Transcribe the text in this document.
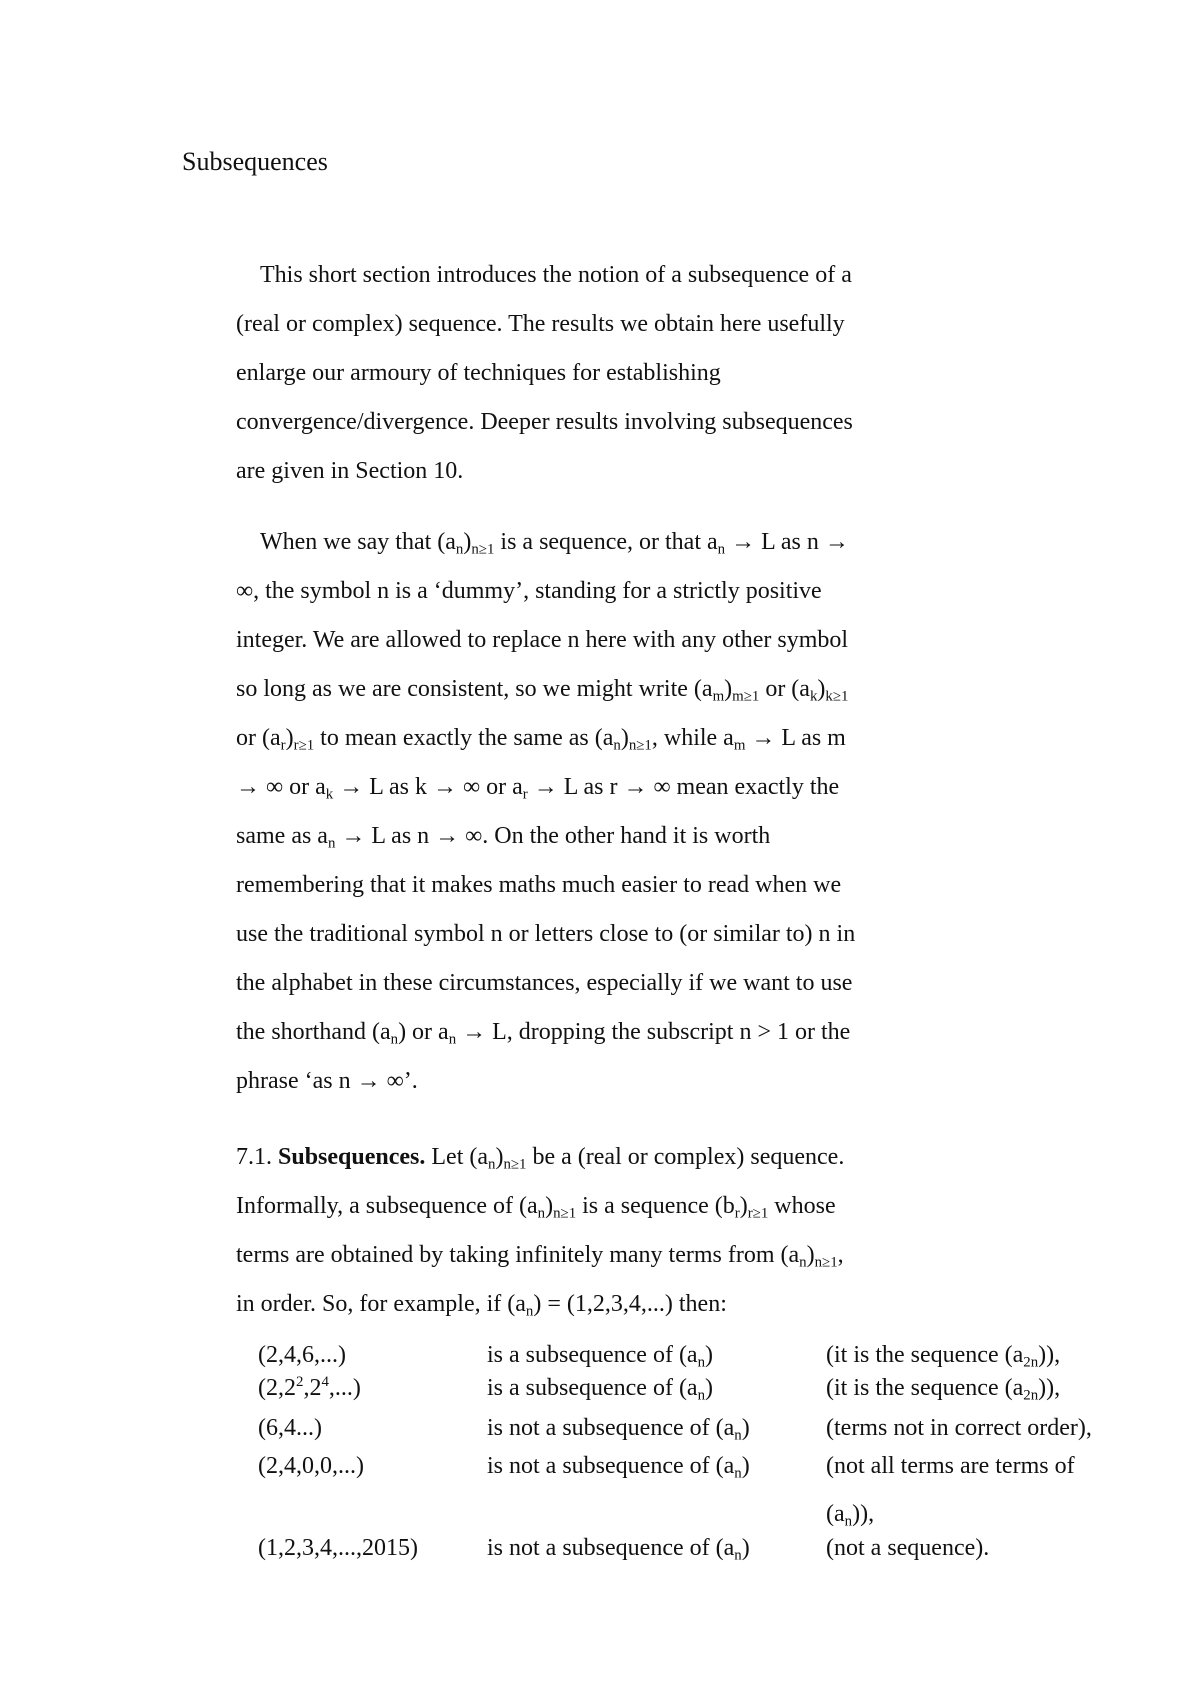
Subsequences
This short section introduces the notion of a subsequence of a
(real or complex) sequence. The results we obtain here usefully
enlarge our armoury of techniques for establishing
convergence/divergence. Deeper results involving subsequences
are given in Section 10.
When we say that $(a_n)_{n\ge 1}$ is a sequence, or that $a_n \to L$ as n →
∞, the symbol n is a ‘dummy’, standing for a strictly positive
integer. We are allowed to replace n here with any other symbol
so long as we are consistent, so we might write $(a_m)_{m\ge 1}$ or $(a_k)_{k\ge 1}$
or $(a_r)_{r\ge 1}$ to mean exactly the same as $(a_n)_{n\ge 1}$, while $a_m \to L$ as m
→ ∞ or $a_k \to L$ as k → ∞ or $a_r \to L$ as r → ∞ mean exactly the
same as $a_n \to L$ as n → ∞. On the other hand it is worth
remembering that it makes maths much easier to read when we
use the traditional symbol n or letters close to (or similar to) n in
the alphabet in these circumstances, especially if we want to use
the shorthand $(a_n)$ or $a_n \to L$, dropping the subscript n > 1 or the
phrase ‘as n → ∞’.
7.1. Subsequences. Let $(a_n)_{n\ge 1}$ be a (real or complex) sequence.
Informally, a subsequence of $(a_n)_{n\ge 1}$ is a sequence $(b_r)_{r\ge 1}$ whose
terms are obtained by taking infinitely many terms from $(a_n)_{n\ge 1}$,
in order. So, for example, if $(a_n) = (1,2,3,4,...)$ then:
(2,4,6,...)	is a subsequence of $(a_n)$	(it is the sequence $(a_{2n})$),
$(2,2^2,2^4,...)$	is a subsequence of $(a_n)$	(it is the sequence $(a_{2n})$),
(6,4...)	is not a subsequence of $(a_n)$	(terms not in correct order),
(2,4,0,0,...)	is not a subsequence of $(a_n)$	(not all terms are terms of
$(a_n)$),
(1,2,3,4,...,2015)	is not a subsequence of $(a_n)$	(not a sequence).
